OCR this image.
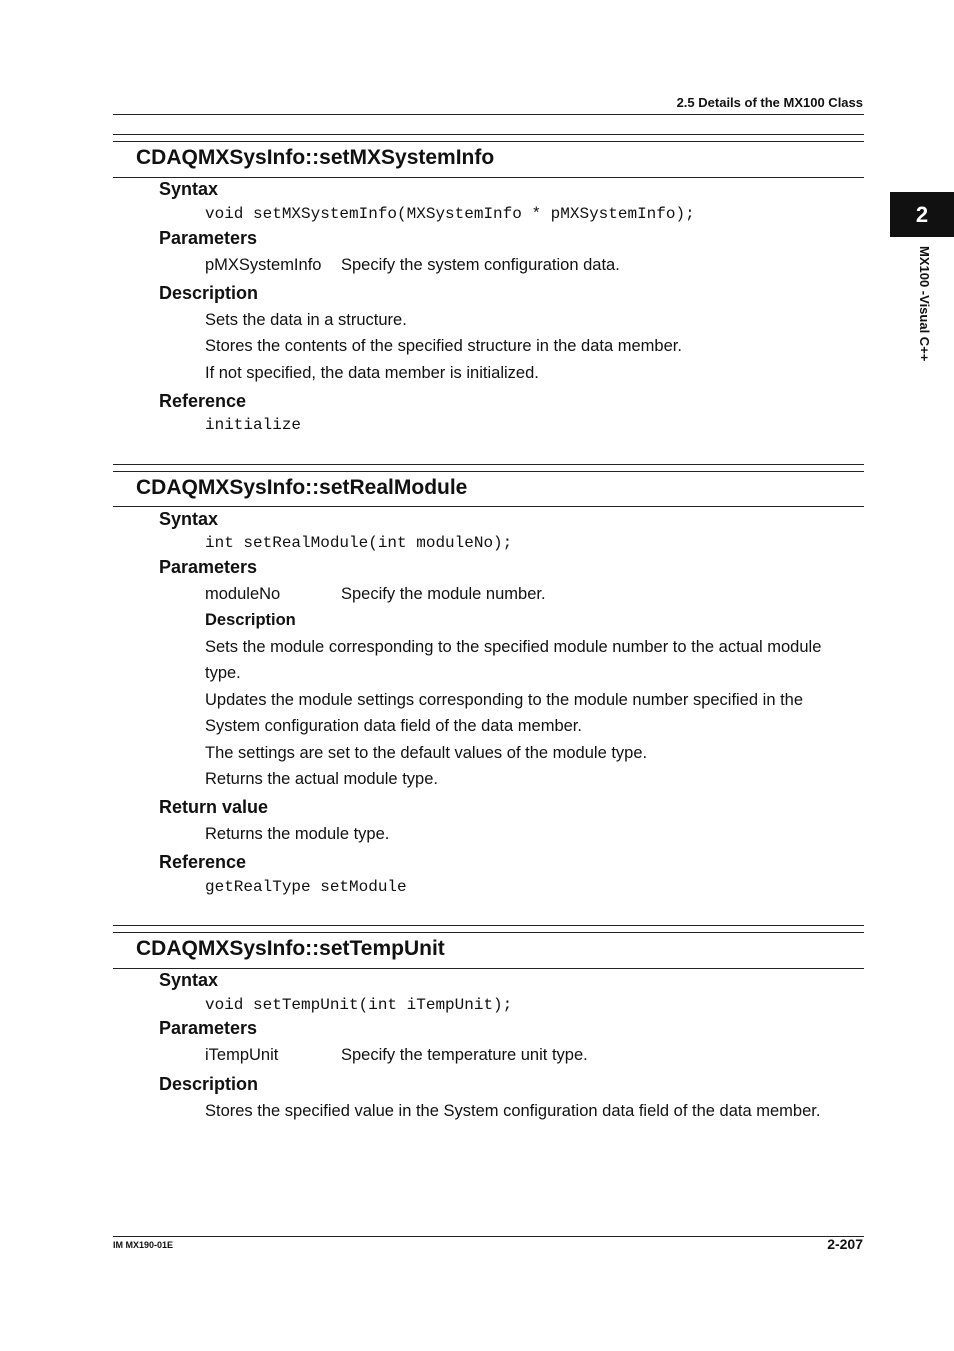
2.5 Details of the MX100 Class
2
MX100 -Visual C++
CDAQMXSysInfo::setMXSystemInfo
Syntax
void setMXSystemInfo(MXSystemInfo * pMXSystemInfo);
Parameters
pMXSystemInfo Specify the system configuration data.
Description
Sets the data in a structure.
Stores the contents of the specified structure in the data member.
If not specified, the data member is initialized.
Reference
initialize
CDAQMXSysInfo::setRealModule
Syntax
int setRealModule(int moduleNo);
Parameters
moduleNo	Specify the module number.
Description
Sets the module corresponding to the specified module number to the actual module
type.
Updates the module settings corresponding to the module number specified in the
System configuration data field of the data member.
The settings are set to the default values of the module type.
Returns the actual module type.
Return value
Returns the module type.
Reference
getRealType setModule
CDAQMXSysInfo::setTempUnit
Syntax
void setTempUnit(int iTempUnit);
Parameters
iTempUnit	Specify the temperature unit type.
Description
Stores the specified value in the System configuration data field of the data member.
IM MX190-01E	2-207
